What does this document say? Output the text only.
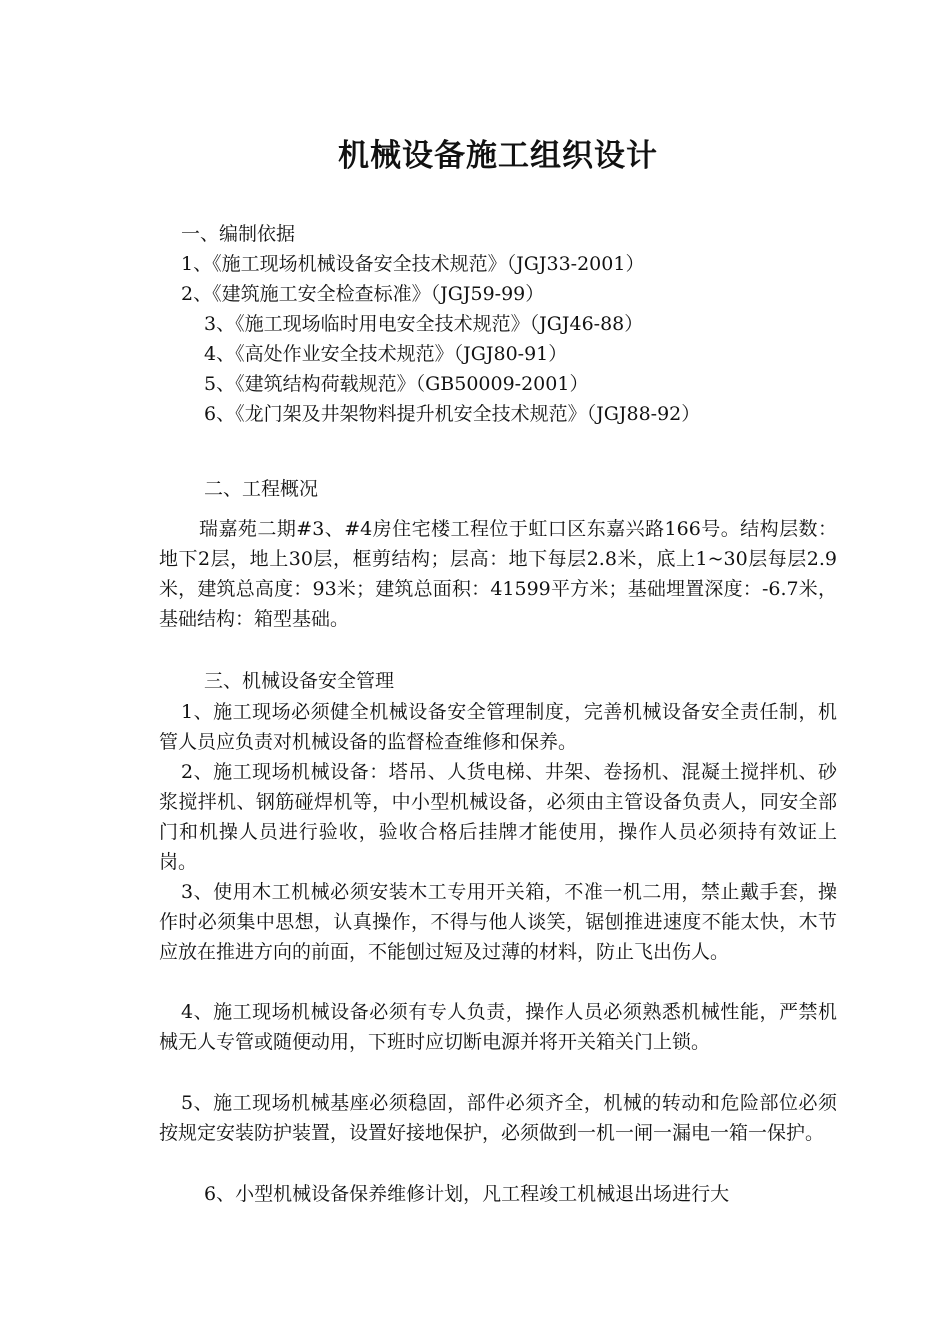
机械设备施工组织设计
一、编制依据
1、《施工现场机械设备安全技术规范》（JGJ33-2001）
2、《建筑施工安全检查标准》（JGJ59-99）
3、《施工现场临时用电安全技术规范》（JGJ46-88）
4、《高处作业安全技术规范》（JGJ80-91）
5、《建筑结构荷载规范》（GB50009-2001）
6、《龙门架及井架物料提升机安全技术规范》（JGJ88-92）
二、工程概况
瑞嘉苑二期#3、#4房住宅楼工程位于虹口区东嘉兴路166号。结构层数：地下2层，地上30层，框剪结构；层高：地下每层2.8米，底上1~30层每层2.9米，建筑总高度：93米；建筑总面积：41599平方米；基础埋置深度：-6.7米，基础结构：箱型基础。
三、机械设备安全管理
1、施工现场必须健全机械设备安全管理制度，完善机械设备安全责任制，机管人员应负责对机械设备的监督检查维修和保养。
2、施工现场机械设备：塔吊、人货电梯、井架、卷扬机、混凝土搅拌机、砂浆搅拌机、钢筋碰焊机等，中小型机械设备，必须由主管设备负责人，同安全部门和机操人员进行验收，验收合格后挂牌才能使用，操作人员必须持有效证上岗。
3、使用木工机械必须安装木工专用开关箱，不准一机二用，禁止戴手套，操作时必须集中思想，认真操作，不得与他人谈笑，锯刨推进速度不能太快，木节应放在推进方向的前面，不能刨过短及过薄的材料，防止飞出伤人。
4、施工现场机械设备必须有专人负责，操作人员必须熟悉机械性能，严禁机械无人专管或随便动用，下班时应切断电源并将开关箱关门上锁。
5、施工现场机械基座必须稳固，部件必须齐全，机械的转动和危险部位必须按规定安装防护装置，设置好接地保护，必须做到一机一闸一漏电一箱一保护。
6、小型机械设备保养维修计划，凡工程竣工机械退出场进行大
